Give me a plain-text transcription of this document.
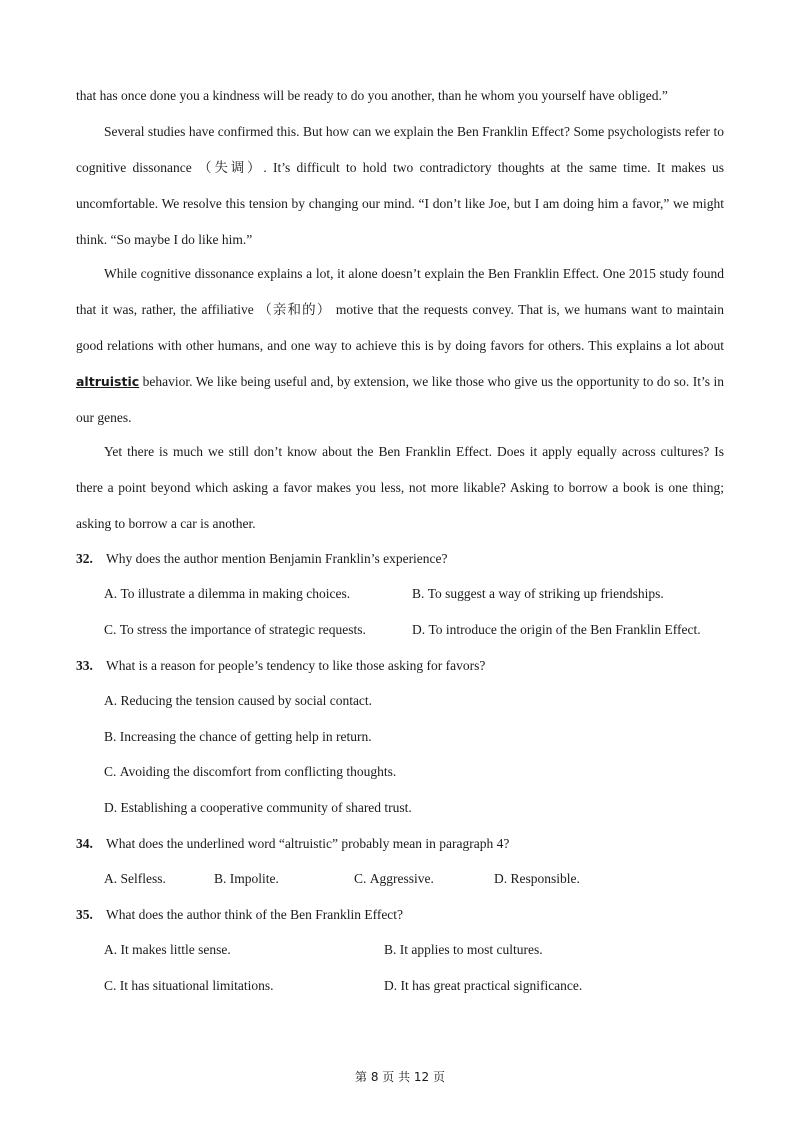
that has once done you a kindness will be ready to do you another, than he whom you yourself have obliged.”

Several studies have confirmed this. But how can we explain the Ben Franklin Effect? Some psychologists refer to cognitive dissonance （失调）. It’s difficult to hold two contradictory thoughts at the same time. It makes us uncomfortable. We resolve this tension by changing our mind. “I don’t like Joe, but I am doing him a favor,” we might think. “So maybe I do like him.”

While cognitive dissonance explains a lot, it alone doesn’t explain the Ben Franklin Effect. One 2015 study found that it was, rather, the affiliative （亲和的） motive that the requests convey. That is, we humans want to maintain good relations with other humans, and one way to achieve this is by doing favors for others. This explains a lot about altruistic behavior. We like being useful and, by extension, we like those who give us the opportunity to do so. It’s in our genes.

Yet there is much we still don’t know about the Ben Franklin Effect. Does it apply equally across cultures? Is there a point beyond which asking a favor makes you less, not more likable? Asking to borrow a book is one thing; asking to borrow a car is another.

32. Why does the author mention Benjamin Franklin’s experience?
A. To illustrate a dilemma in making choices.	B. To suggest a way of striking up friendships.
C. To stress the importance of strategic requests.	D. To introduce the origin of the Ben Franklin Effect.
33. What is a reason for people’s tendency to like those asking for favors?
A. Reducing the tension caused by social contact.
B. Increasing the chance of getting help in return.
C. Avoiding the discomfort from conflicting thoughts.
D. Establishing a cooperative community of shared trust.
34. What does the underlined word “altruistic” probably mean in paragraph 4?
A. Selfless.	B. Impolite.	C. Aggressive.	D. Responsible.
35. What does the author think of the Ben Franklin Effect?
A. It makes little sense.	B. It applies to most cultures.
C. It has situational limitations.	D. It has great practical significance.
第 8 页 共 12 页
